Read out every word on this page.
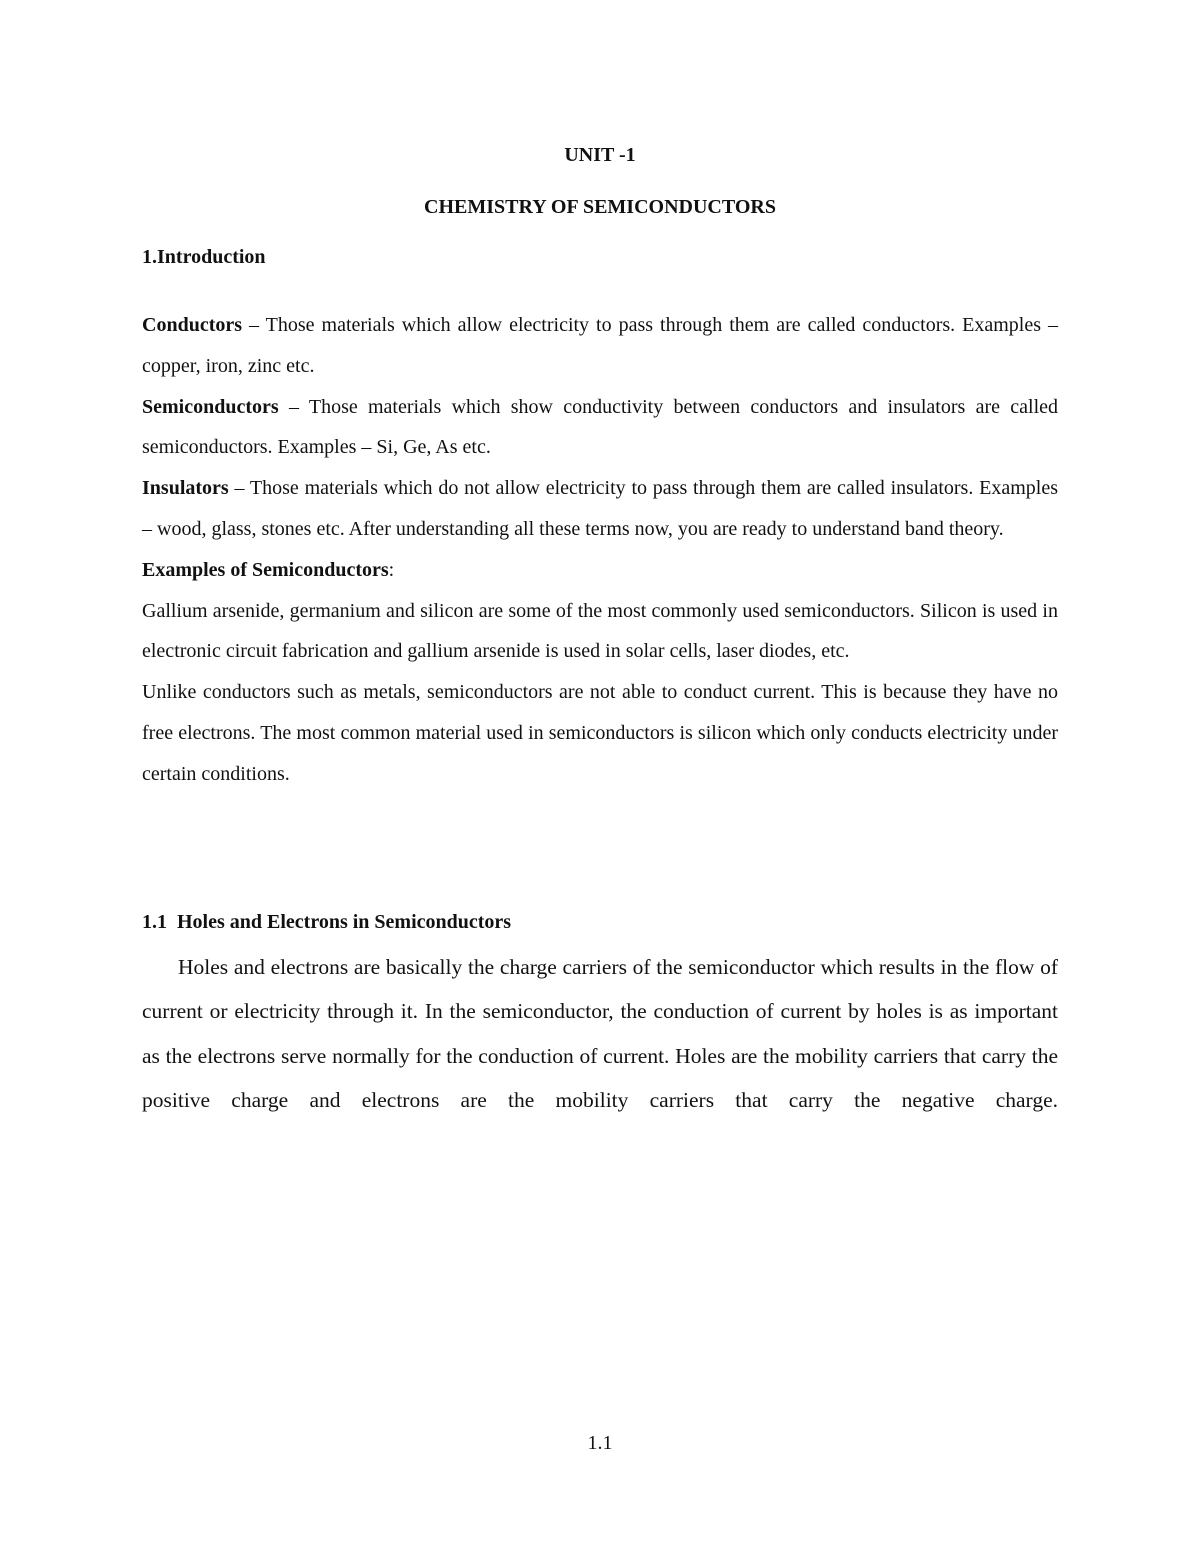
UNIT -1
CHEMISTRY OF SEMICONDUCTORS
1.Introduction

Conductors – Those materials which allow electricity to pass through them are called conductors. Examples – copper, iron, zinc etc.

Semiconductors – Those materials which show conductivity between conductors and insulators are called semiconductors. Examples – Si, Ge, As etc.

Insulators – Those materials which do not allow electricity to pass through them are called insulators. Examples – wood, glass, stones etc. After understanding all these terms now, you are ready to understand band theory.

Examples of Semiconductors:

Gallium arsenide, germanium and silicon are some of the most commonly used semiconductors. Silicon is used in electronic circuit fabrication and gallium arsenide is used in solar cells, laser diodes, etc.

Unlike conductors such as metals, semiconductors are not able to conduct current. This is because they have no free electrons. The most common material used in semiconductors is silicon which only conducts electricity under certain conditions.

1.1  Holes and Electrons in Semiconductors
Holes and electrons are basically the charge carriers of the semiconductor which results in the flow of current or electricity through it. In the semiconductor, the conduction of current by holes is as important as the electrons serve normally for the conduction of current. Holes are the mobility carriers that carry the positive charge and electrons are the mobility carriers that carry the negative charge.
1.1
